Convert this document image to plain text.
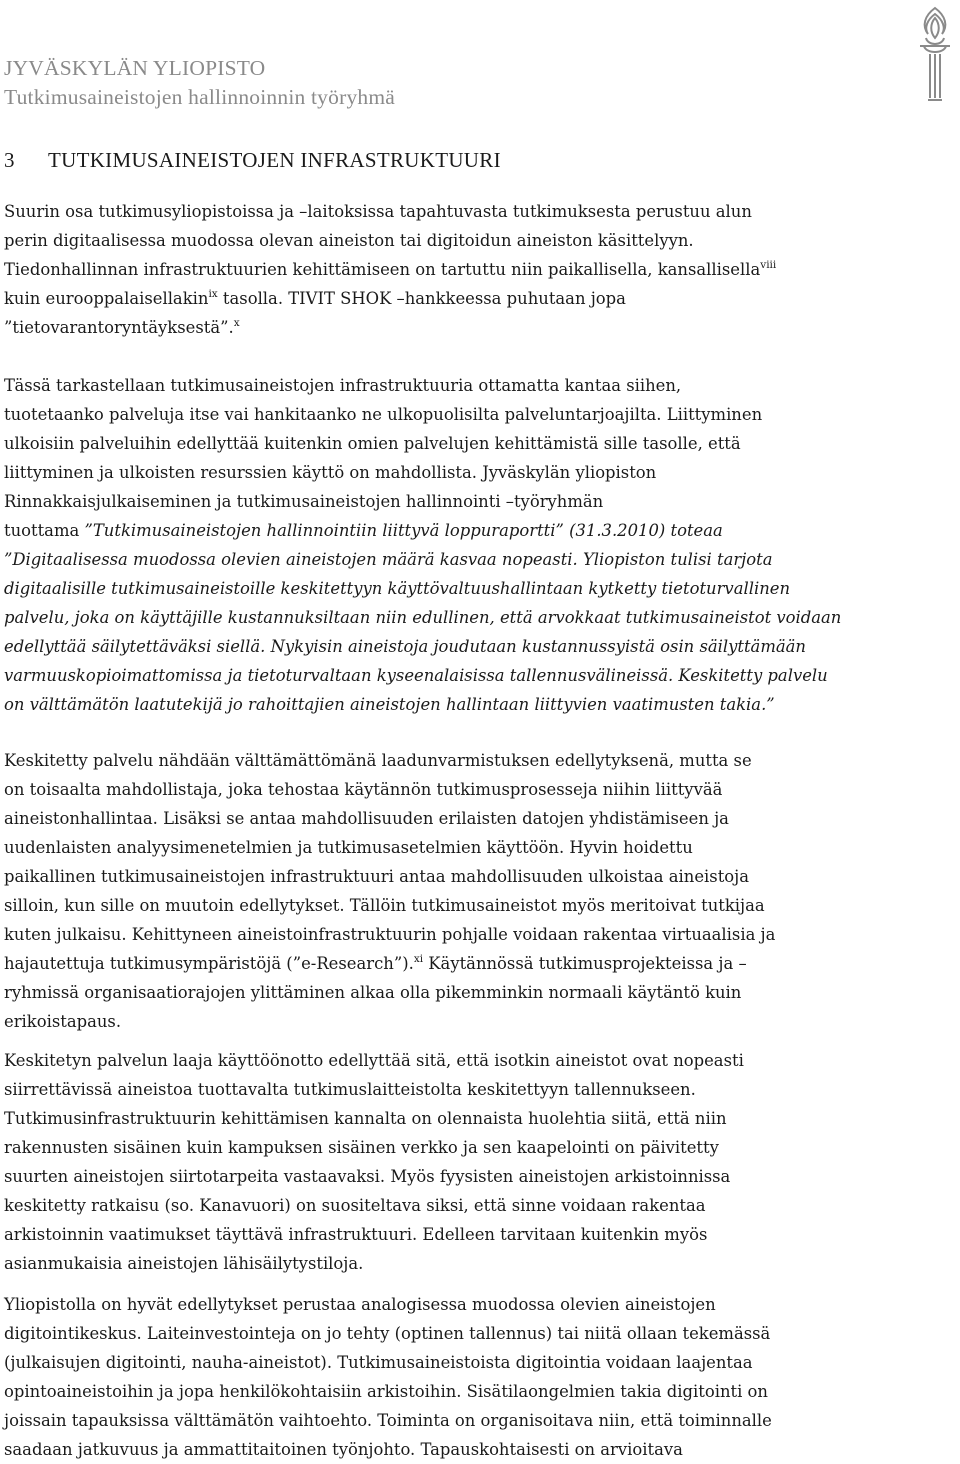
JYVÄSKYLÄN YLIOPISTO
Tutkimusaineistojen hallinnoinnin työryhmä
3 TUTKIMUSAINEISTOJEN INFRASTRUKTUURI
Suurin osa tutkimusyliopistoissa ja –laitoksissa tapahtuvasta tutkimuksesta perustuu alun
perin digitaalisessa muodossa olevan aineiston tai digitoidun aineiston käsittelyyn.
Tiedonhallinnan infrastruktuurien kehittämiseen on tartuttu niin paikallisella, kansallisella$^{viii}$
kuin eurooppalaisellakin$^{ix}$ tasolla. TIVIT SHOK –hankkeessa puhutaan jopa
”tietovarantoryntäyksestä”.$^x$
Tässä tarkastellaan tutkimusaineistojen infrastruktuuria ottamatta kantaa siihen,
tuotetaanko palveluja itse vai hankitaanko ne ulkopuolisilta palveluntarjoajilta. Liittyminen
ulkoisiin palveluihin edellyttää kuitenkin omien palvelujen kehittämistä sille tasolle, että
liittyminen ja ulkoisten resurssien käyttö on mahdollista. Jyväskylän yliopiston
Rinnakkaisjulkaiseminen ja tutkimusaineistojen hallinnointi –työryhmän
tuottama ”Tutkimusaineistojen hallinnointiin liittyvä loppuraportti” (31.3.2010) toteaa
”Digitaalisessa muodossa olevien aineistojen määrä kasvaa nopeasti. Yliopiston tulisi tarjota
digitaalisille tutkimusaineistoille keskitettyyn käyttövaltuushallintaan kytketty tietoturvallinen
palvelu, joka on käyttäjille kustannuksiltaan niin edullinen, että arvokkaat tutkimusaineistot voidaan
edellyttää säilytettäväksi siellä. Nykyisin aineistoja joudutaan kustannussyistä osin säilyttämään
varmuuskopioimattomissa ja tietoturvaltaan kyseenalaisissa tallennusvälineissä. Keskitetty palvelu
on välttämätön laatutekijä jo rahoittajien aineistojen hallintaan liittyvien vaatimusten takia.”
Keskitetty palvelu nähdään välttämättömänä laadunvarmistuksen edellytyksenä, mutta se
on toisaalta mahdollistaja, joka tehostaa käytännön tutkimusprosesseja niihin liittyvää
aineistonhallintaa. Lisäksi se antaa mahdollisuuden erilaisten datojen yhdistämiseen ja
uudenlaisten analyysimenetelmien ja tutkimusasetelmien käyttöön. Hyvin hoidettu
paikallinen tutkimusaineistojen infrastruktuuri antaa mahdollisuuden ulkoistaa aineistoja
silloin, kun sille on muutoin edellytykset. Tällöin tutkimusaineistot myös meritoivat tutkijaa
kuten julkaisu. Kehittyneen aineistoinfrastruktuurin pohjalle voidaan rakentaa virtuaalisia ja
hajautettuja tutkimusympäristöjä (”e-Research”).$^{xi}$ Käytännössä tutkimusprojekteissa ja –
ryhmissä organisaatiorajojen ylittäminen alkaa olla pikemminkin normaali käytäntö kuin
erikoistapaus.
Keskitetyn palvelun laaja käyttöönotto edellyttää sitä, että isotkin aineistot ovat nopeasti
siirrettävissä aineistoa tuottavalta tutkimuslaitteistolta keskitettyyn tallennukseen.
Tutkimusinfrastruktuurin kehittämisen kannalta on olennaista huolehtia siitä, että niin
rakennusten sisäinen kuin kampuksen sisäinen verkko ja sen kaapelointi on päivitetty
suurten aineistojen siirtotarpeita vastaavaksi. Myös fyysisten aineistojen arkistoinnissa
keskitetty ratkaisu (so. Kanavuori) on suositeltava siksi, että sinne voidaan rakentaa
arkistoinnin vaatimukset täyttävä infrastruktuuri. Edelleen tarvitaan kuitenkin myös
asianmukaisia aineistojen lähisäilytystiloja.
Yliopistolla on hyvät edellytykset perustaa analogisessa muodossa olevien aineistojen
digitointikeskus. Laiteinvestointeja on jo tehty (optinen tallennus) tai niitä ollaan tekemässä
(julkaisujen digitointi, nauha-aineistot). Tutkimusaineistoista digitointia voidaan laajentaa
opintoaineistoihin ja jopa henkilökohtaisiin arkistoihin. Sisätilaongelmien takia digitointi on
joissain tapauksissa välttämätön vaihtoehto. Toiminta on organisoitava niin, että toiminnalle
saadaan jatkuvuus ja ammattitaitoinen työnjohto. Tapauskohtaisesti on arvioitava
